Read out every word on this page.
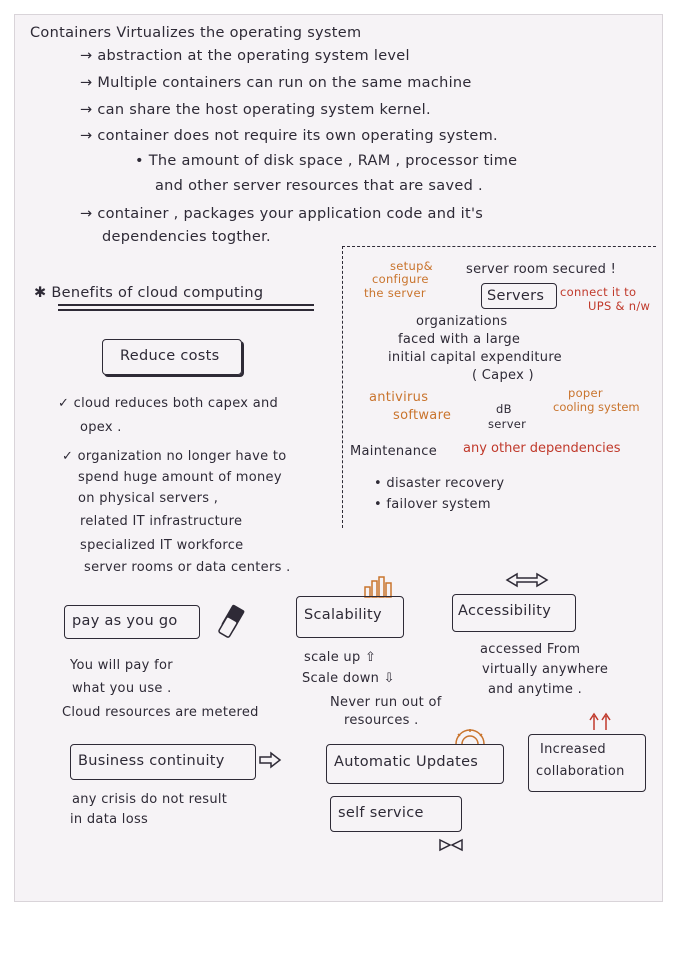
Containers Virtualizes the operating system
→ abstraction at the operating system level
→ Multiple containers can run on the same machine
→ can share the host operating system kernel.
→ container does not require its own operating system.
• The amount of disk space , RAM , processor time
and other server resources that are saved .
→ container , packages your application code and it's
dependencies togther.
✱ Benefits of cloud computing
setup&
configure
the server
server room secured !
Servers connect it to
UPS & n/w
organizations
faced with a large
initial capital expenditure
( Capex )
antivirus
software	dB
server
poper
cooling system
Maintenance any other dependencies
• disaster recovery
• failover system
Reduce costs
✓ cloud reduces both capex and
opex .
✓ organization no longer have to
spend huge amount of money
on physical servers ,
related IT infrastructure
specialized IT workforce
server rooms or data centers .
pay as you go
You will pay for
what you use .
Cloud resources are metered
Scalability
scale up ⇧
Scale down ⇩
Never run out of
resources .
Accessibility
accessed From
virtually anywhere
and anytime .
Business continuity
any crisis do not result
in data loss
Automatic Updates
Increased
collaboration
self service
